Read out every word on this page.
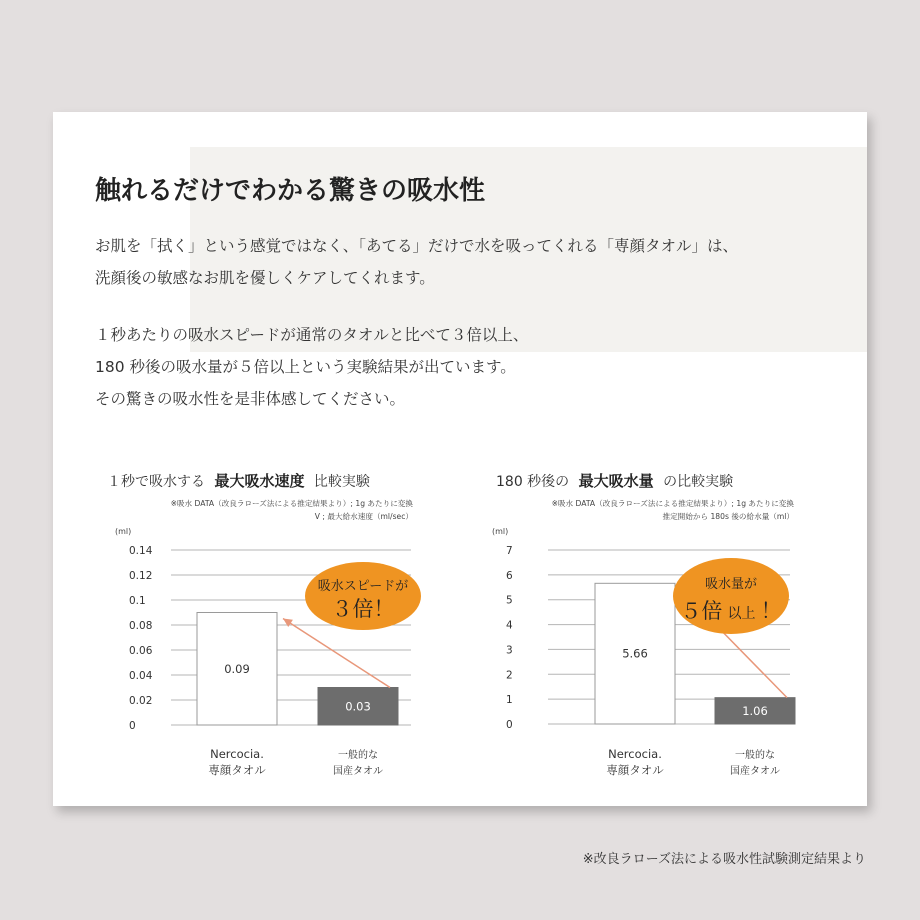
触れるだけでわかる驚きの吸水性
お肌を「拭く」という感覚ではなく、「あてる」だけで水を吸ってくれる「専顔タオル」は、
洗顔後の敏感なお肌を優しくケアしてくれます。
１秒あたりの吸水スピードが通常のタオルと比べて３倍以上、
180 秒後の吸水量が５倍以上という実験結果が出ています。
その驚きの吸水性を是非体感してください。
１秒で吸水する 最大吸水速度 比較実験
※吸水 DATA（改良ラローズ法による推定結果より）; 1g あたりに変換
V ; 最大給水速度（ml/sec）
(ml)
0
0.02
0.04
0.06
0.08
0.1
0.12
0.14
0.09
0.03
吸水スピードが
３倍！
Nercocia.
専顔タオル
一般的な
国産タオル
180 秒後の 最大吸水量 の比較実験
※吸水 DATA（改良ラローズ法による推定結果より）; 1g あたりに変換
推定開始から 180s 後の給水量（ml）
(ml)
0
1
2
3
4
5
6
7
5.66
1.06
吸水量が
５倍 以上 ！
Nercocia.
専顔タオル
一般的な
国産タオル
※改良ラローズ法による吸水性試験測定結果より
